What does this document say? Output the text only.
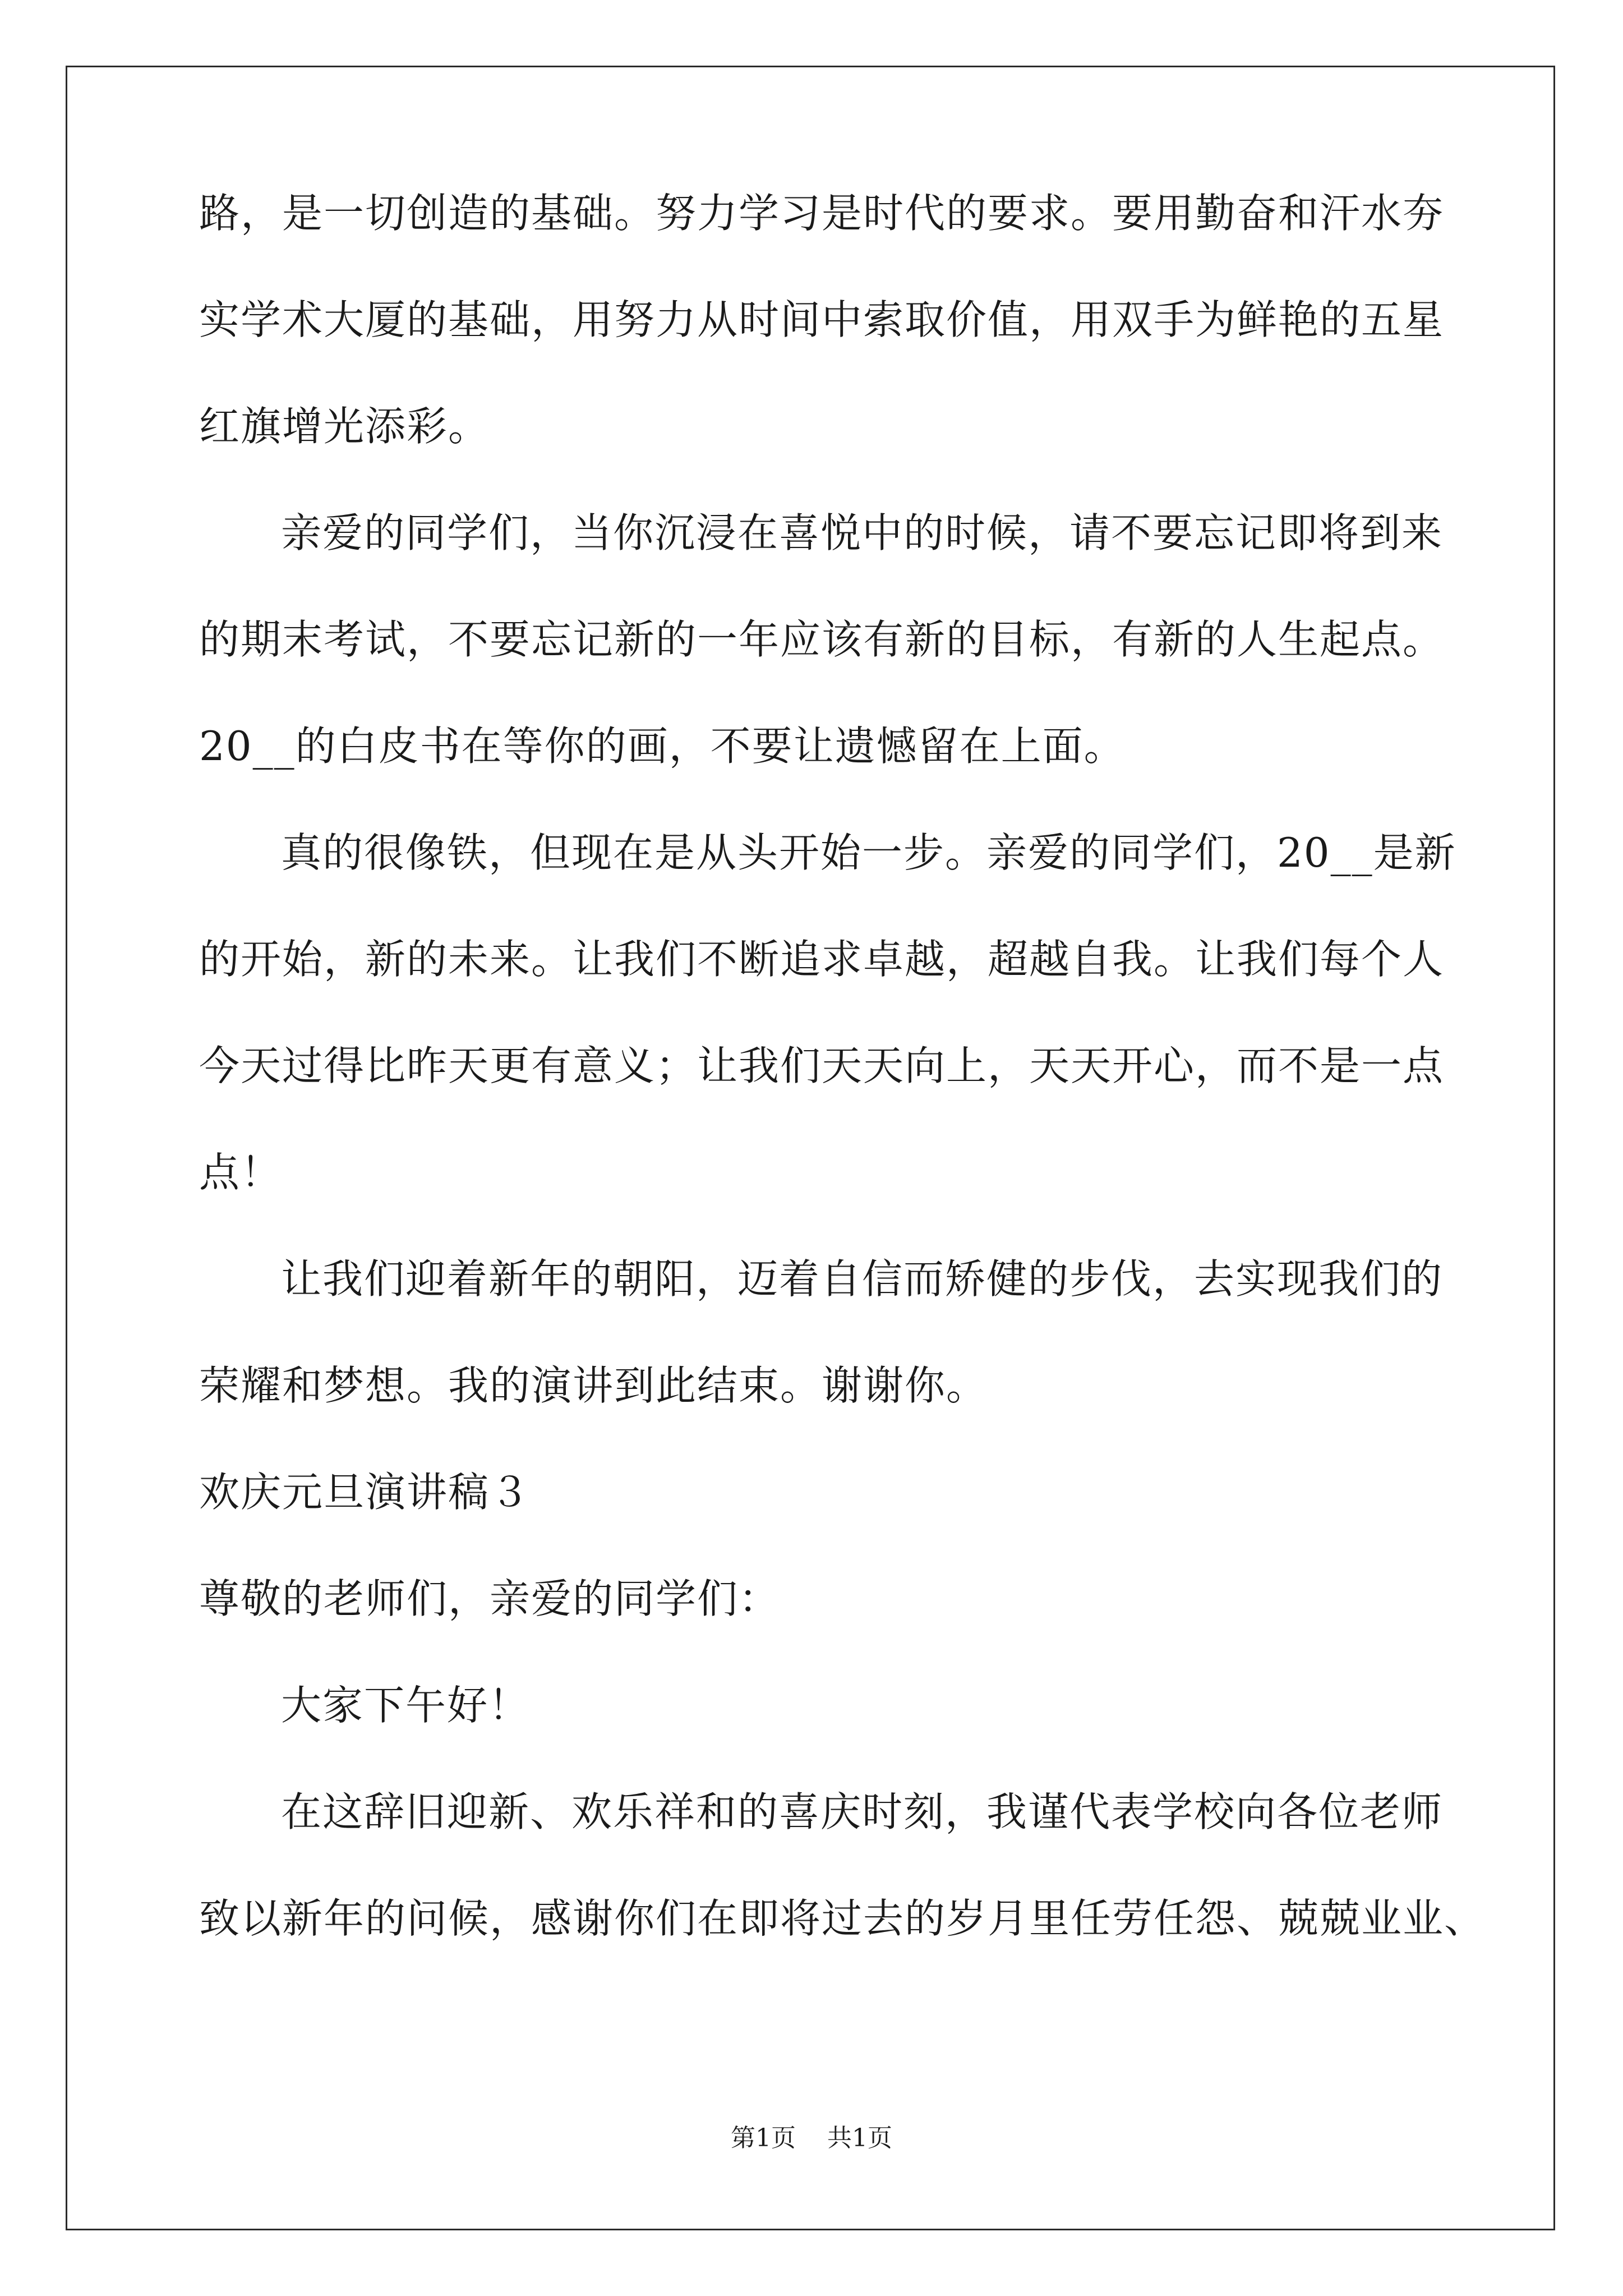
路，是一切创造的基础。努力学习是时代的要求。要用勤奋和汗水夯
实学术大厦的基础，用努力从时间中索取价值，用双手为鲜艳的五星
红旗增光添彩。
亲爱的同学们，当你沉浸在喜悦中的时候，请不要忘记即将到来
的期末考试，不要忘记新的一年应该有新的目标，有新的人生起点。
20__的白皮书在等你的画，不要让遗憾留在上面。
真的很像铁，但现在是从头开始一步。亲爱的同学们，20__是新
的开始，新的未来。让我们不断追求卓越，超越自我。让我们每个人
今天过得比昨天更有意义；让我们天天向上，天天开心，而不是一点
点！
让我们迎着新年的朝阳，迈着自信而矫健的步伐，去实现我们的
荣耀和梦想。我的演讲到此结束。谢谢你。
欢庆元旦演讲稿３
尊敬的老师们，亲爱的同学们：
大家下午好！
在这辞旧迎新、欢乐祥和的喜庆时刻，我谨代表学校向各位老师
致以新年的问候，感谢你们在即将过去的岁月里任劳任怨、兢兢业业、
第1页    共1页
